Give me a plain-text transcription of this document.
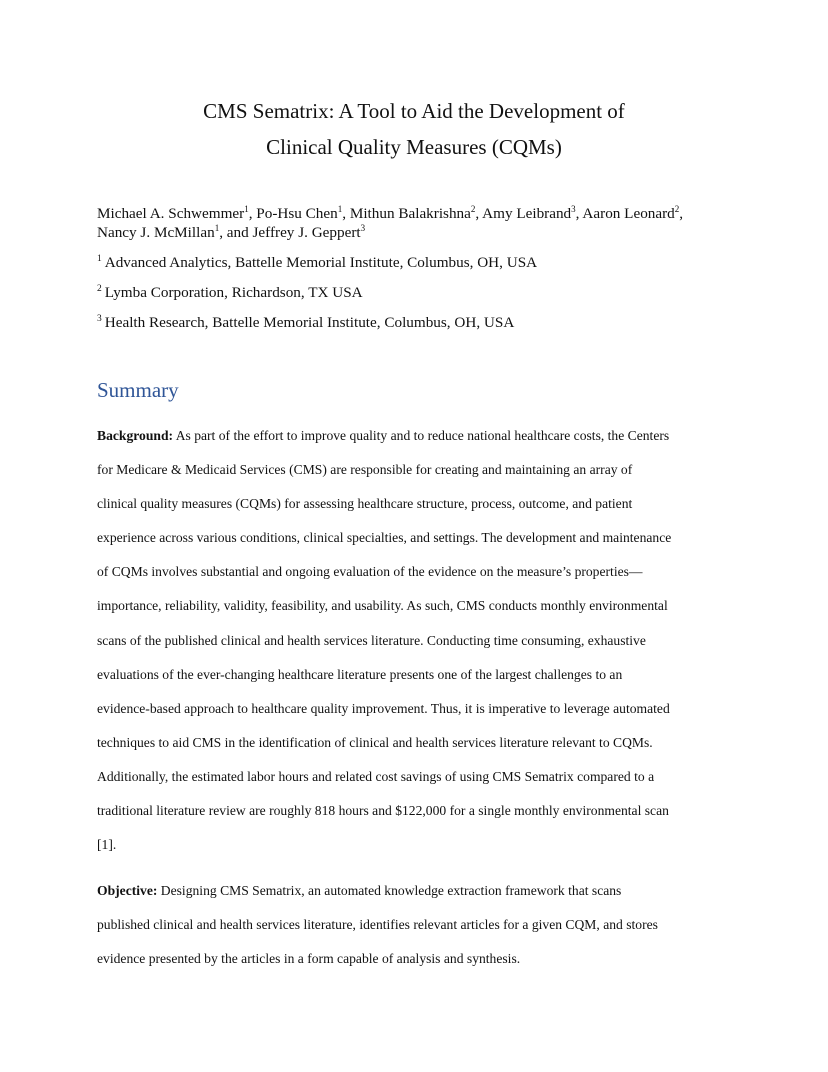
CMS Sematrix: A Tool to Aid the Development of
Clinical Quality Measures (CQMs)
Michael A. Schwemmer$^1$, Po-Hsu Chen$^1$, Mithun Balakrishna$^2$, Amy Leibrand$^3$, Aaron Leonard$^2$,
Nancy J. McMillan$^1$, and Jeffrey J. Geppert$^3$
$^1$ Advanced Analytics, Battelle Memorial Institute, Columbus, OH, USA
$^2$ Lymba Corporation, Richardson, TX USA
$^3$ Health Research, Battelle Memorial Institute, Columbus, OH, USA
Summary
Background: As part of the effort to improve quality and to reduce national healthcare costs, the Centers
for Medicare & Medicaid Services (CMS) are responsible for creating and maintaining an array of
clinical quality measures (CQMs) for assessing healthcare structure, process, outcome, and patient
experience across various conditions, clinical specialties, and settings. The development and maintenance
of CQMs involves substantial and ongoing evaluation of the evidence on the measure’s properties—
importance, reliability, validity, feasibility, and usability. As such, CMS conducts monthly environmental
scans of the published clinical and health services literature. Conducting time consuming, exhaustive
evaluations of the ever-changing healthcare literature presents one of the largest challenges to an
evidence-based approach to healthcare quality improvement. Thus, it is imperative to leverage automated
techniques to aid CMS in the identification of clinical and health services literature relevant to CQMs.
Additionally, the estimated labor hours and related cost savings of using CMS Sematrix compared to a
traditional literature review are roughly 818 hours and $122,000 for a single monthly environmental scan
[1].
Objective: Designing CMS Sematrix, an automated knowledge extraction framework that scans
published clinical and health services literature, identifies relevant articles for a given CQM, and stores
evidence presented by the articles in a form capable of analysis and synthesis.
